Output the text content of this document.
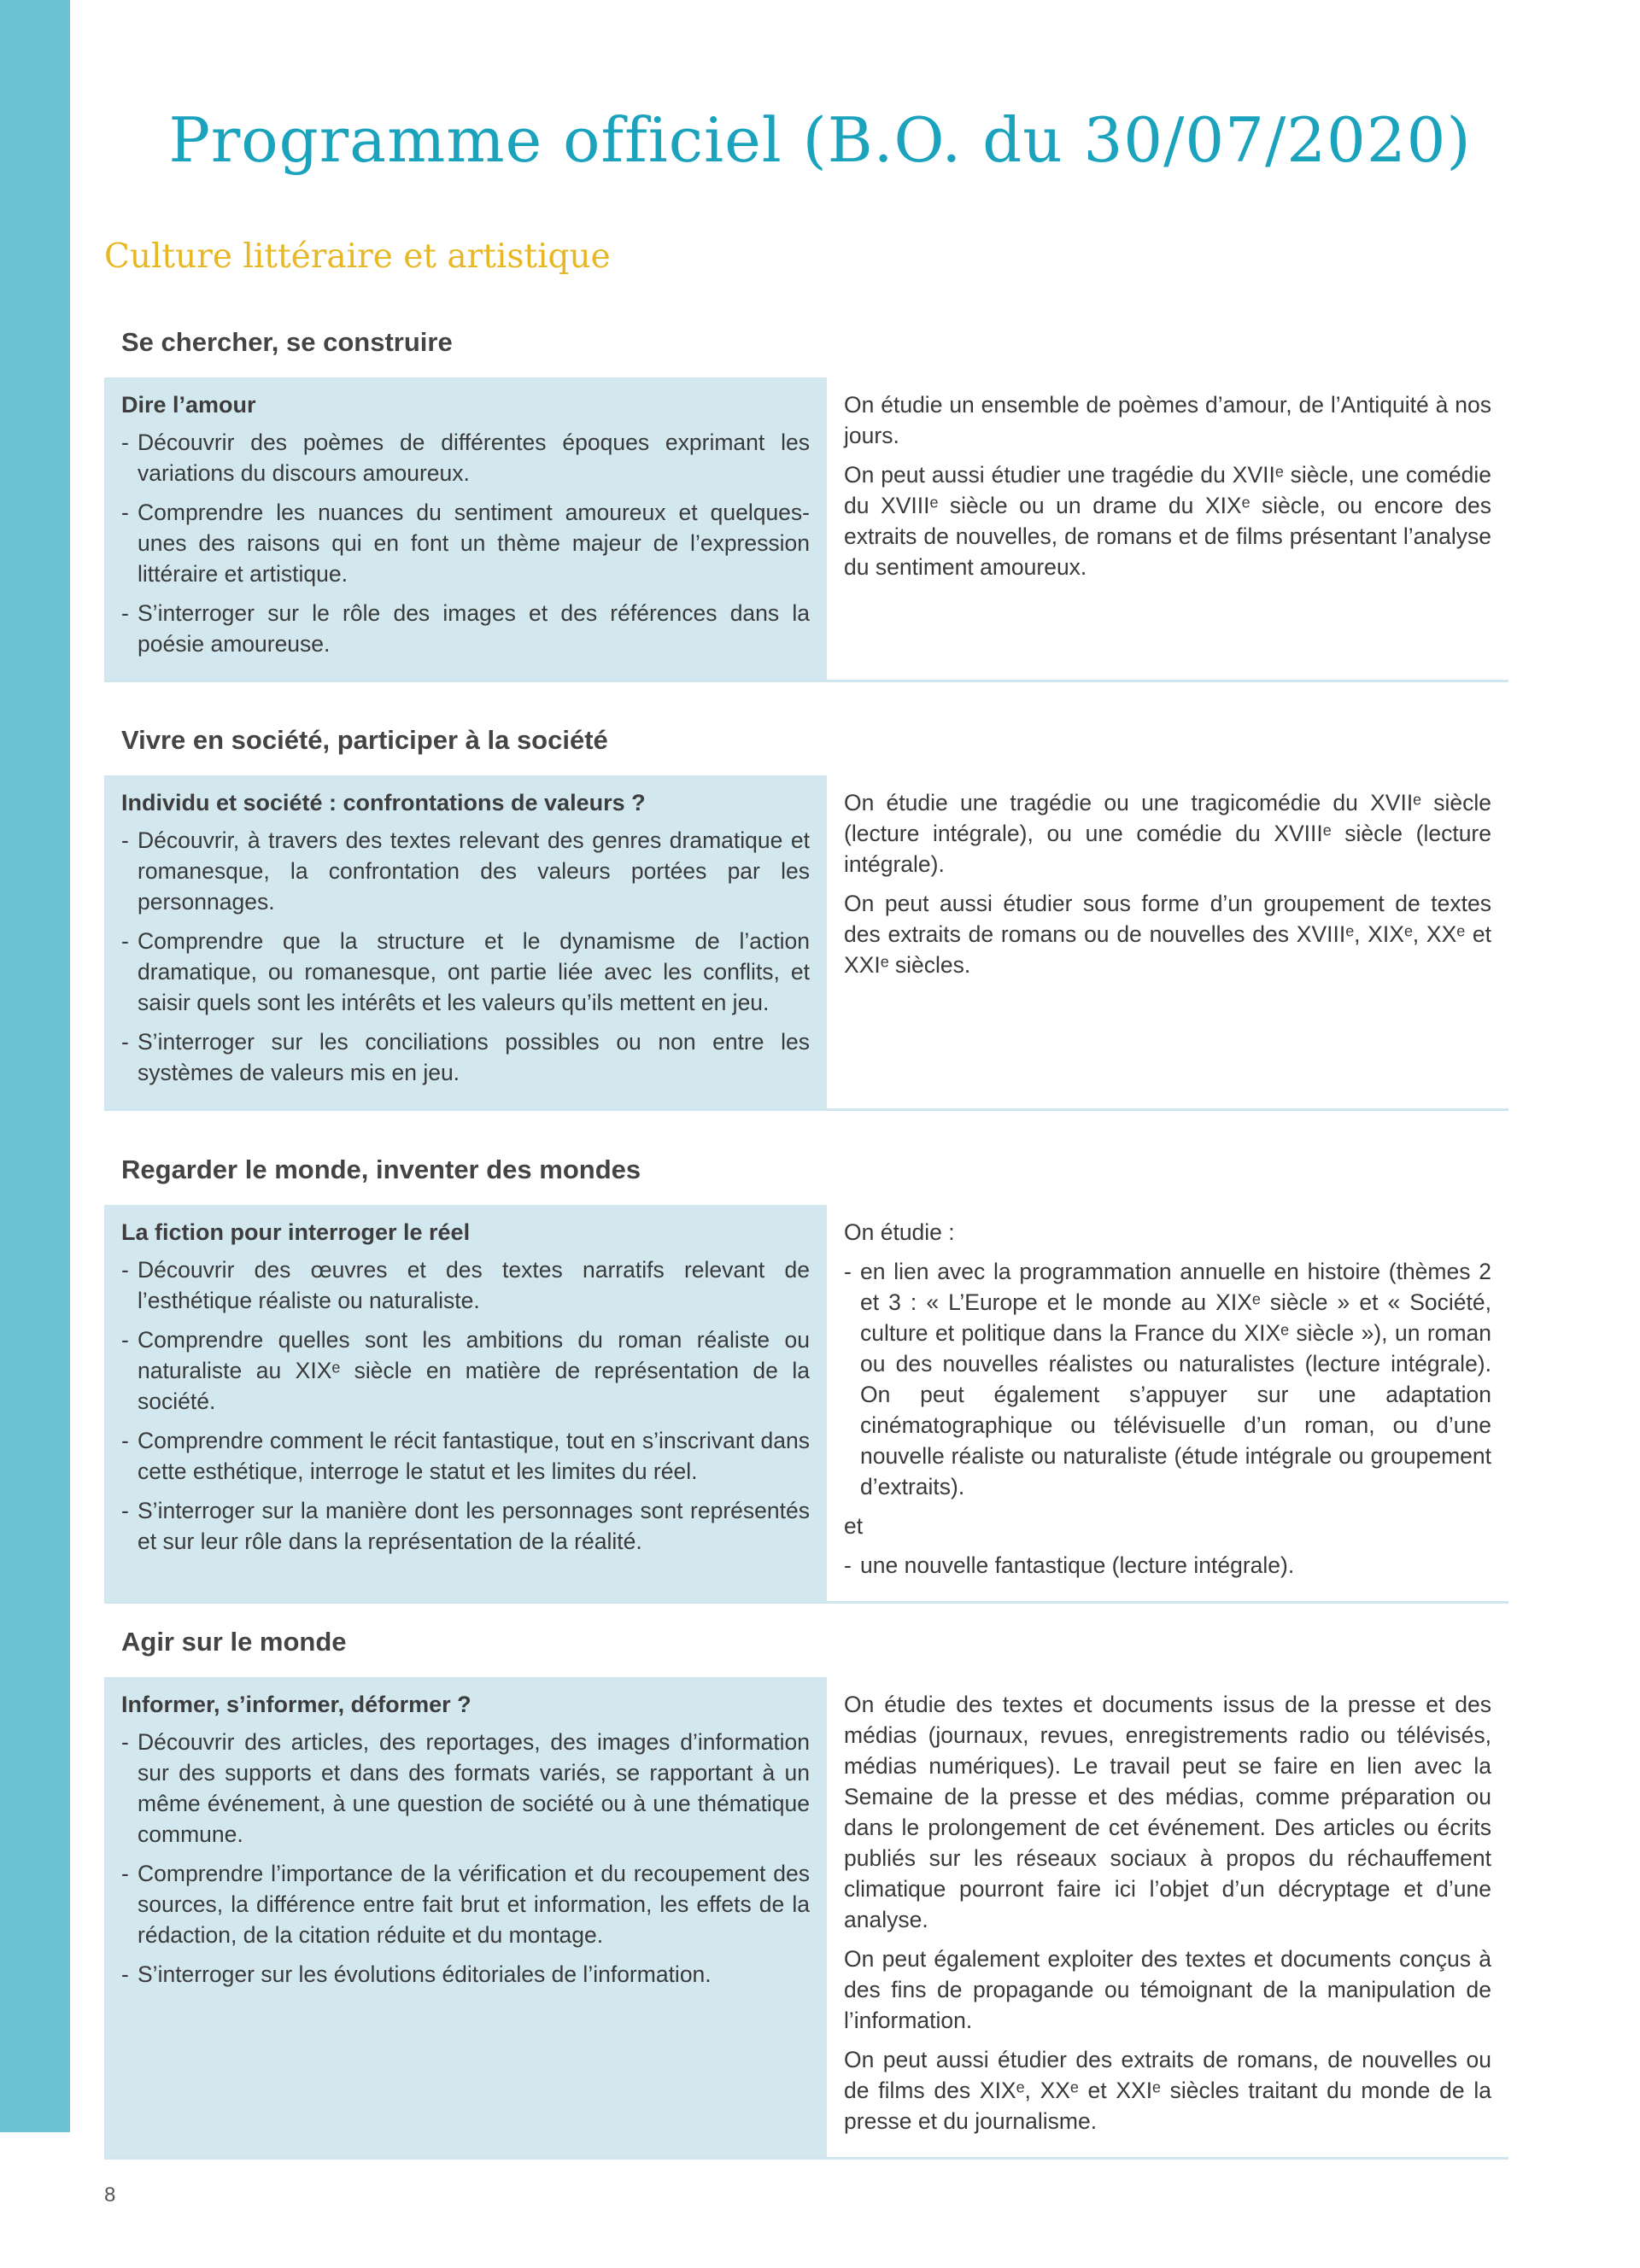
Programme officiel (B.O. du 30/07/2020)
Culture littéraire et artistique
Se chercher, se construire
Dire l’amour
- Découvrir des poèmes de différentes époques exprimant les variations du discours amoureux.
- Comprendre les nuances du sentiment amoureux et quelques-unes des raisons qui en font un thème majeur de l’expression littéraire et artistique.
- S’interroger sur le rôle des images et des références dans la poésie amoureuse.

On étudie un ensemble de poèmes d’amour, de l’Antiquité à nos jours.

On peut aussi étudier une tragédie du XVIIᵉ siècle, une comédie du XVIIIᵉ siècle ou un drame du XIXᵉ siècle, ou encore des extraits de nouvelles, de romans et de films présentant l’analyse du sentiment amoureux.

Vivre en société, participer à la société
Individu et société : confrontations de valeurs ?
- Découvrir, à travers des textes relevant des genres dramatique et romanesque, la confrontation des valeurs portées par les personnages.
- Comprendre que la structure et le dynamisme de l’action dramatique, ou romanesque, ont partie liée avec les conflits, et saisir quels sont les intérêts et les valeurs qu’ils mettent en jeu.
- S’interroger sur les conciliations possibles ou non entre les systèmes de valeurs mis en jeu.

On étudie une tragédie ou une tragicomédie du XVIIᵉ siècle (lecture intégrale), ou une comédie du XVIIIᵉ siècle (lecture intégrale).

On peut aussi étudier sous forme d’un groupement de textes des extraits de romans ou de nouvelles des XVIIIᵉ, XIXᵉ, XXᵉ et XXIᵉ siècles.

Regarder le monde, inventer des mondes
La fiction pour interroger le réel
- Découvrir des œuvres et des textes narratifs relevant de l’esthétique réaliste ou naturaliste.
- Comprendre quelles sont les ambitions du roman réaliste ou naturaliste au XIXᵉ siècle en matière de représentation de la société.
- Comprendre comment le récit fantastique, tout en s’inscrivant dans cette esthétique, interroge le statut et les limites du réel.
- S’interroger sur la manière dont les personnages sont représentés et sur leur rôle dans la représentation de la réalité.

On étudie :

- en lien avec la programmation annuelle en histoire (thèmes 2 et 3 : « L’Europe et le monde au XIXᵉ siècle » et « Société, culture et politique dans la France du XIXᵉ siècle »), un roman ou des nouvelles réalistes ou naturalistes (lecture intégrale). On peut également s’appuyer sur une adaptation cinématographique ou télévisuelle d’un roman, ou d’une nouvelle réaliste ou naturaliste (étude intégrale ou groupement d’extraits).

et

- une nouvelle fantastique (lecture intégrale).
Agir sur le monde
Informer, s’informer, déformer ?
- Découvrir des articles, des reportages, des images d’information sur des supports et dans des formats variés, se rapportant à un même événement, à une question de société ou à une thématique commune.
- Comprendre l’importance de la vérification et du recoupement des sources, la différence entre fait brut et information, les effets de la rédaction, de la citation réduite et du montage.
- S’interroger sur les évolutions éditoriales de l’information.

On étudie des textes et documents issus de la presse et des médias (journaux, revues, enregistrements radio ou télévisés, médias numériques). Le travail peut se faire en lien avec la Semaine de la presse et des médias, comme préparation ou dans le prolongement de cet événement. Des articles ou écrits publiés sur les réseaux sociaux à propos du réchauffement climatique pourront faire ici l’objet d’un décryptage et d’une analyse.

On peut également exploiter des textes et documents conçus à des fins de propagande ou témoignant de la manipulation de l’information.

On peut aussi étudier des extraits de romans, de nouvelles ou de films des XIXᵉ, XXᵉ et XXIᵉ siècles traitant du monde de la presse et du journalisme.

8
